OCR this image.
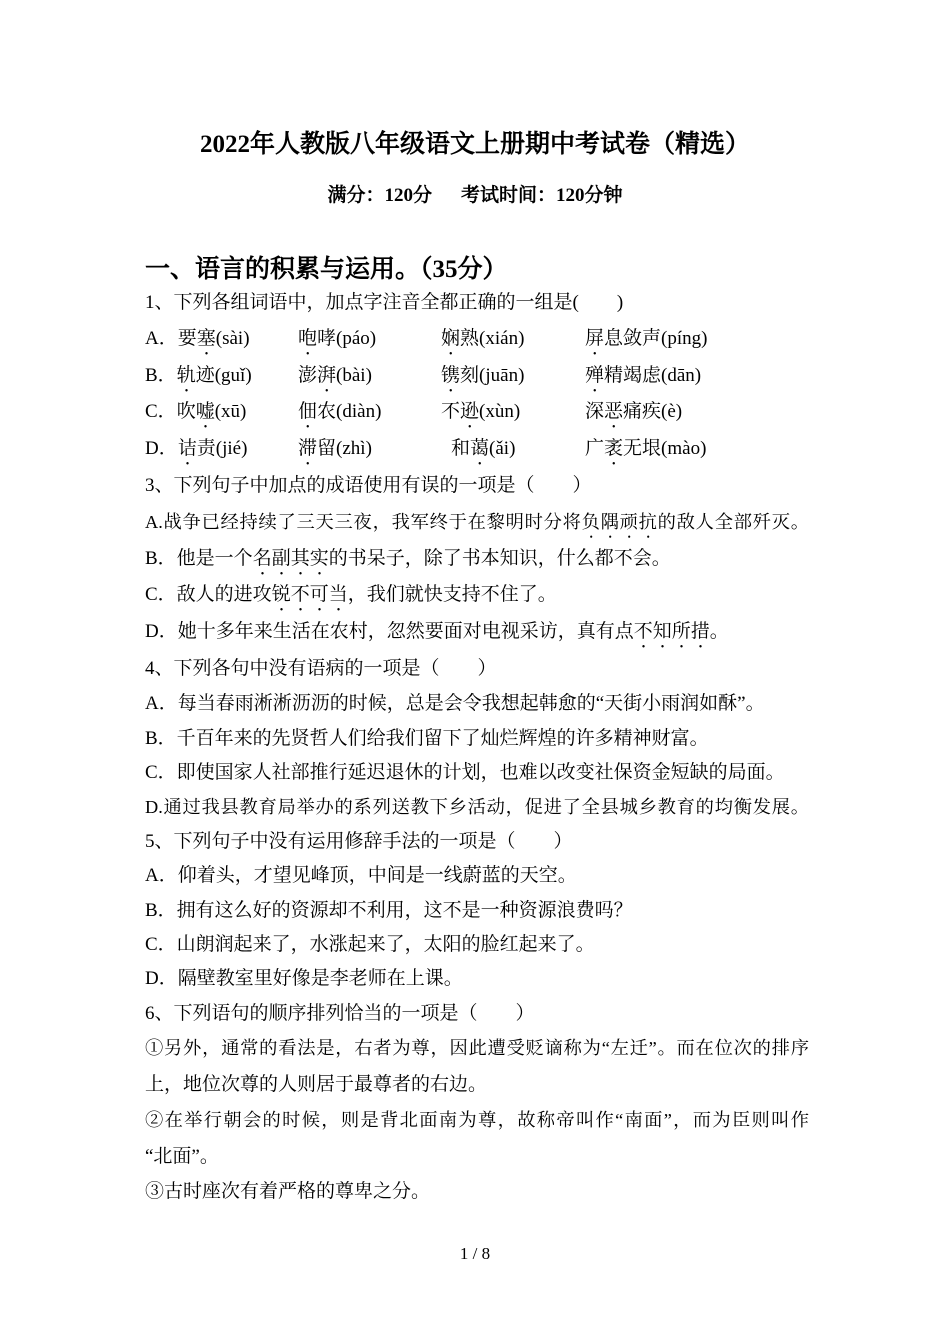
2022年人教版八年级语文上册期中考试卷（精选）
满分：120分 考试时间：120分钟
一、语言的积累与运用。（35分）
1、下列各组词语中，加点字注音全都正确的一组是(　　)
A．要塞(sài)	咆哮(páo)	娴熟(xián)	屏息敛声(píng)
B．轨迹(guǐ)	澎湃(bài)	镌刻(juān)	殚精竭虑(dān)
C．吹嘘(xū)	佃农(diàn)	不逊(xùn)	深恶痛疾(è)
D．诘责(jié)	滞留(zhì)	和蔼(ǎi)	广袤无垠(mào)
3、下列句子中加点的成语使用有误的一项是（　　）
A.战争已经持续了三天三夜，我军终于在黎明时分将负隅顽抗的敌人全部歼灭。
B．他是一个名副其实的书呆子，除了书本知识，什么都不会。
C．敌人的进攻锐不可当，我们就快支持不住了。
D．她十多年来生活在农村，忽然要面对电视采访，真有点不知所措。
4、下列各句中没有语病的一项是（　　）
A．每当春雨淅淅沥沥的时候，总是会令我想起韩愈的“天街小雨润如酥”。
B．千百年来的先贤哲人们给我们留下了灿烂辉煌的许多精神财富。
C．即使国家人社部推行延迟退休的计划，也难以改变社保资金短缺的局面。
D.通过我县教育局举办的系列送教下乡活动，促进了全县城乡教育的均衡发展。
5、下列句子中没有运用修辞手法的一项是（　　）
A．仰着头，才望见峰顶，中间是一线蔚蓝的天空。
B．拥有这么好的资源却不利用，这不是一种资源浪费吗？
C．山朗润起来了，水涨起来了，太阳的脸红起来了。
D．隔壁教室里好像是李老师在上课。
6、下列语句的顺序排列恰当的一项是（　　）
①另外，通常的看法是，右者为尊，因此遭受贬谪称为“左迁”。而在位次的排序
上，地位次尊的人则居于最尊者的右边。
②在举行朝会的时候，则是背北面南为尊，故称帝叫作“南面”，而为臣则叫作
“北面”。
③古时座次有着严格的尊卑之分。
1 / 8
